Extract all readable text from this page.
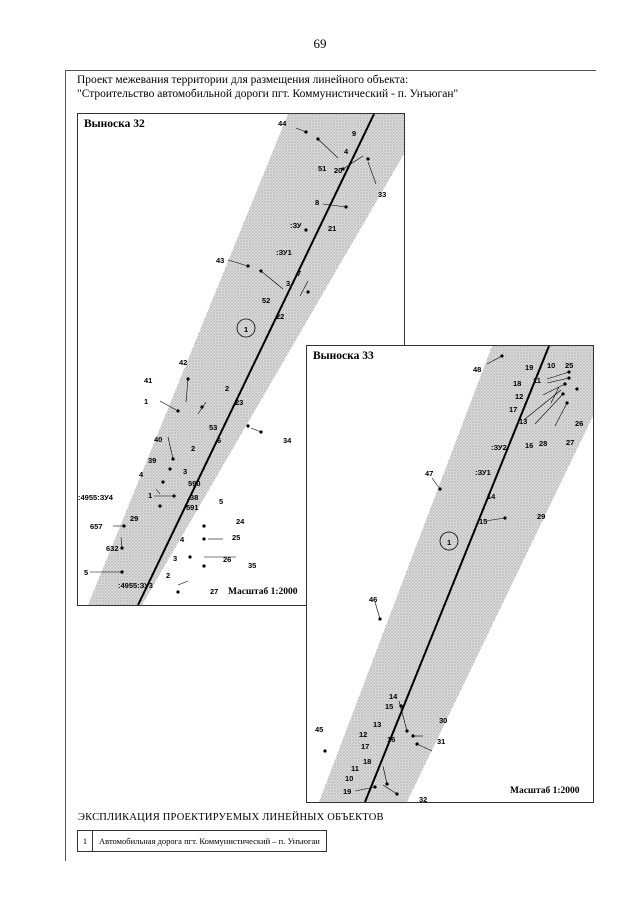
69
Проект межевания территории для размещения линейного объекта:
"Строительство автомобильной дороги пгт. Коммунистический - п. Унъюган"
1
44
9
4
51 20
33
8
21
:ЗУ
:ЗУ1
43
7
3
52
22
42
41
1
2
23
53
6	34
40
39
2
4	3
590
:4955:ЗУ4	1	38
591
5
29
657
24
632
25
4
3	26
5
35
:4955:ЗУ3
2
27
Выноска 32
Масштаб 1:2000
1
48	19 10 25
18 11
12
17
13	26
16 28 27
:ЗУ2
47	:ЗУ1
14
15
29
46
14
15
30
13
12
17
16	31
45
18
11
10
19
32
Выноска 33
Масштаб 1:2000
ЭКСПЛИКАЦИЯ ПРОЕКТИРУЕМЫХ ЛИНЕЙНЫХ ОБЪЕКТОВ
1	Автомобильная дорога пгт. Коммунистический – п. Унъюган
